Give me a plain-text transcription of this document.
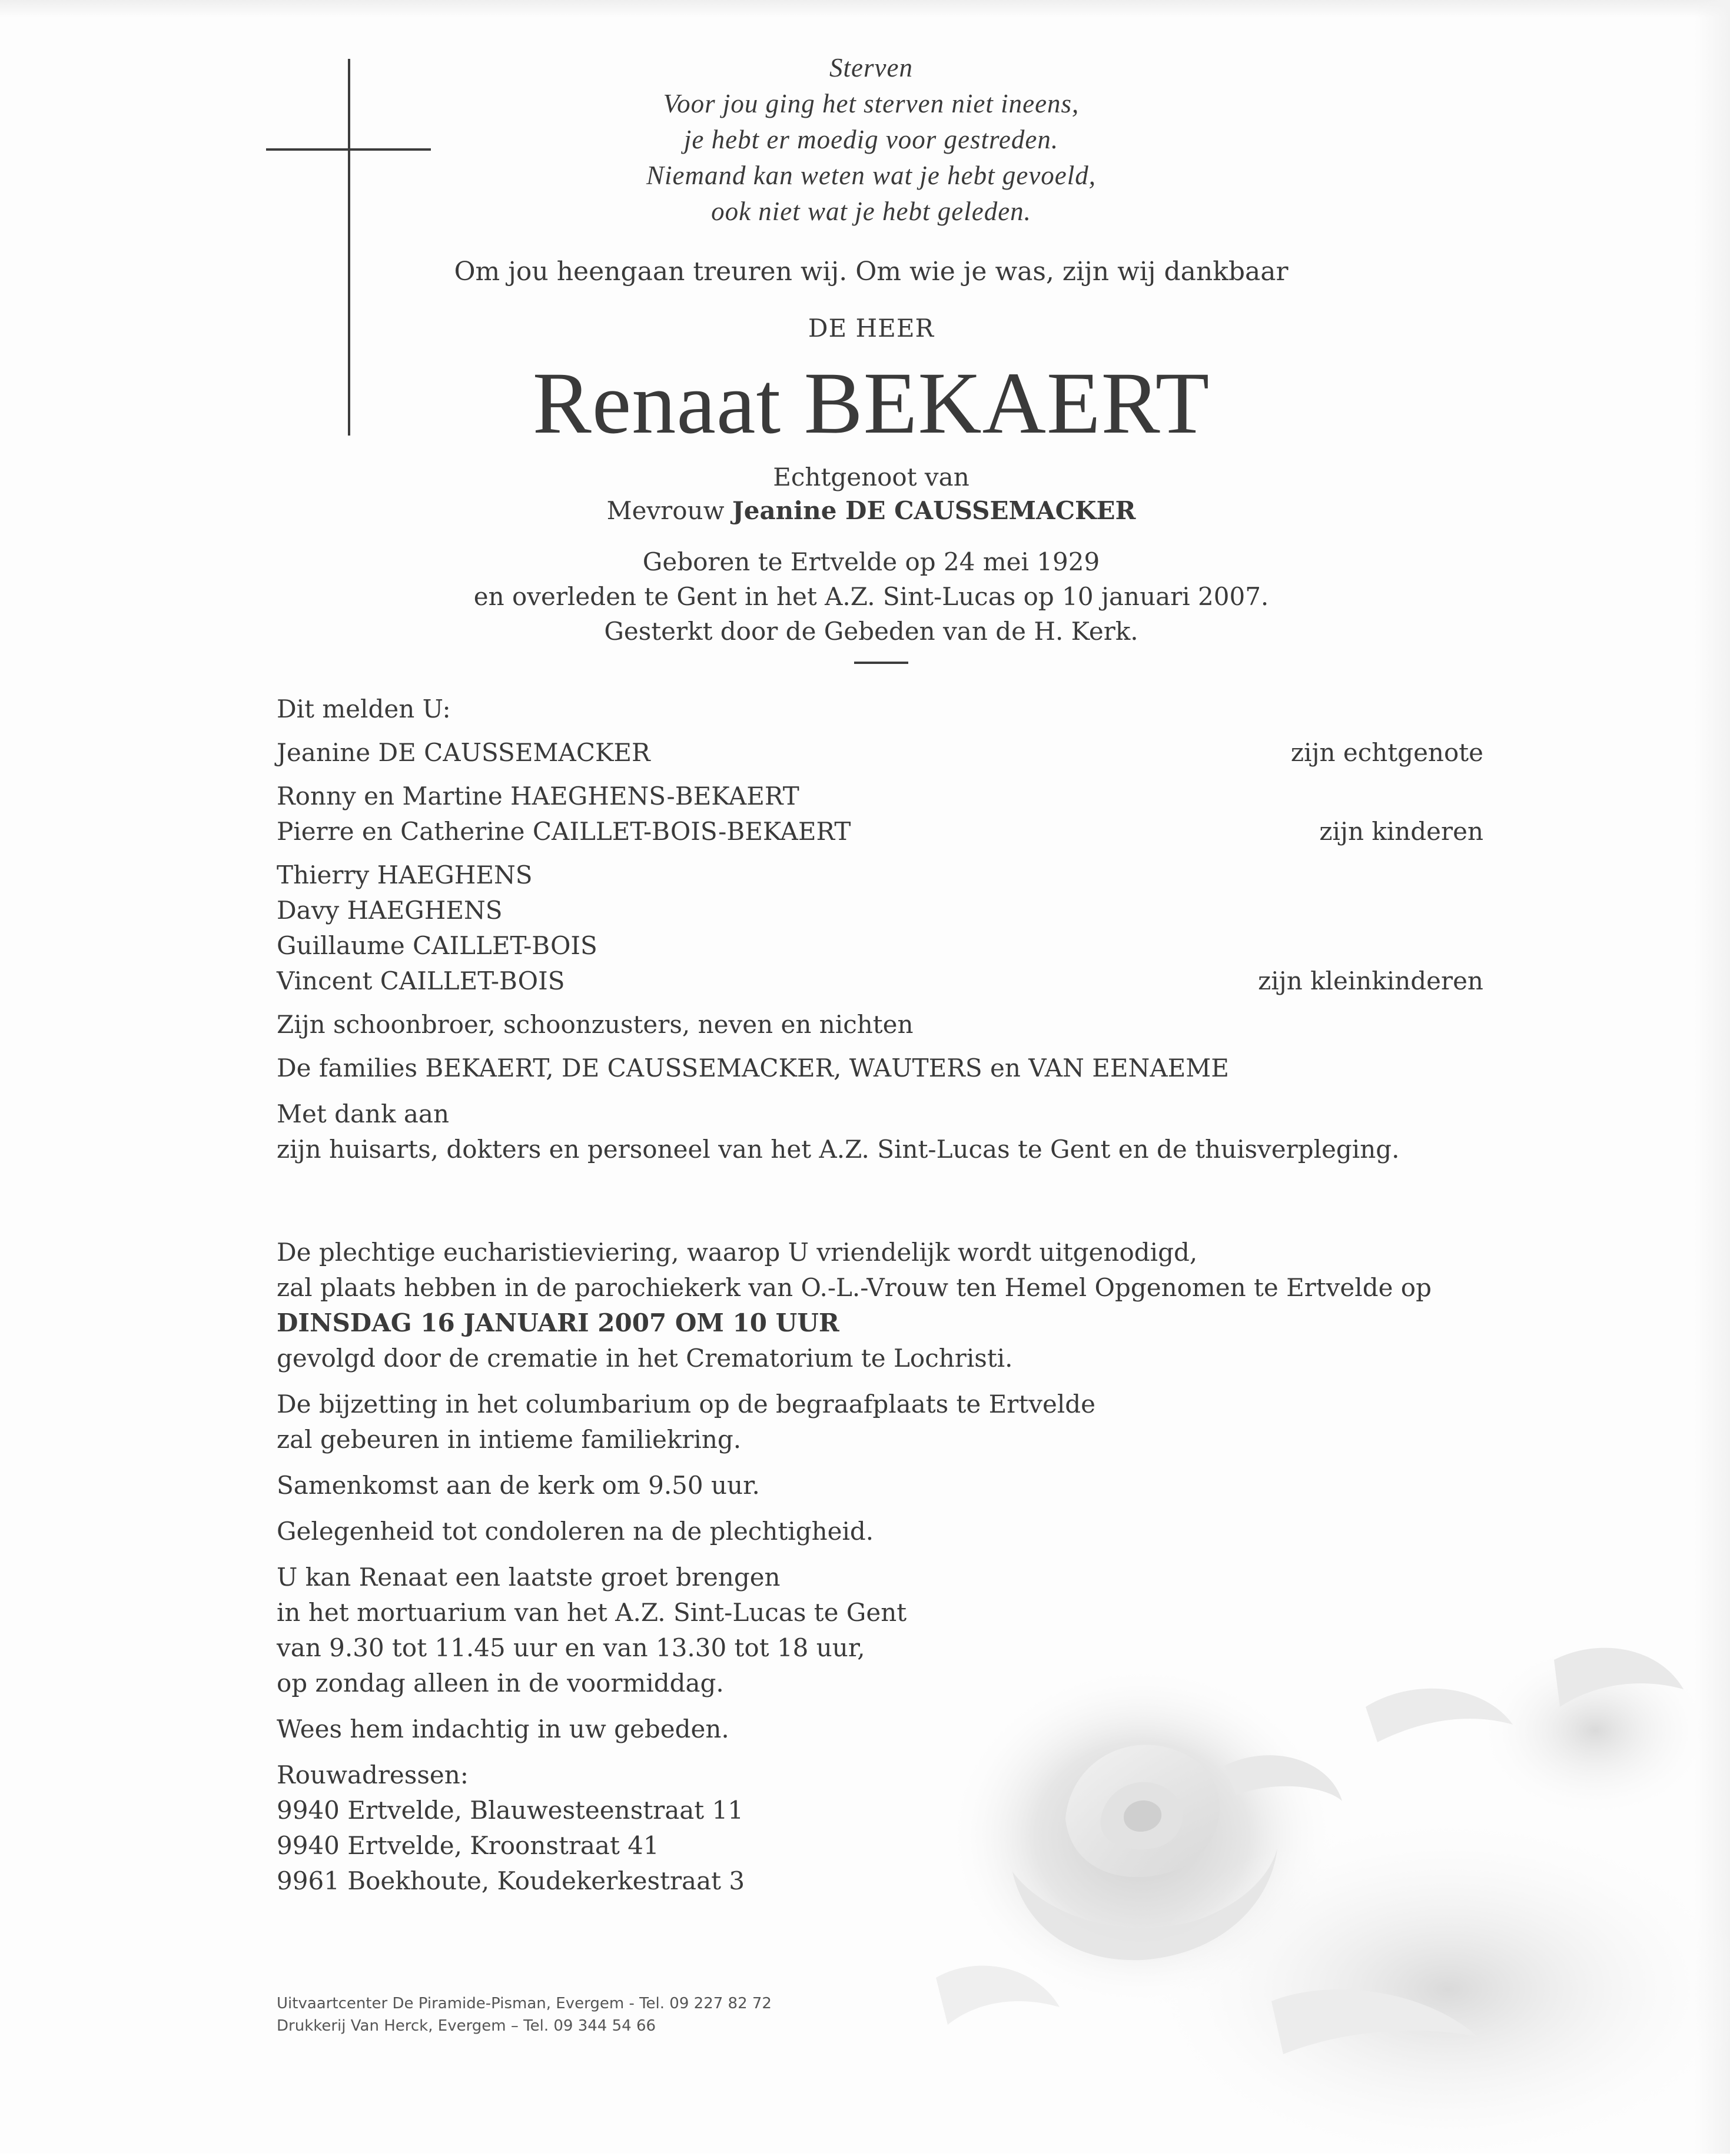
Sterven
Voor jou ging het sterven niet ineens,
je hebt er moedig voor gestreden.
Niemand kan weten wat je hebt gevoeld,
ook niet wat je hebt geleden.
Om jou heengaan treuren wij. Om wie je was, zijn wij dankbaar
DE HEER
Renaat BEKAERT
Echtgenoot van
Mevrouw Jeanine DE CAUSSEMACKER
Geboren te Ertvelde op 24 mei 1929
en overleden te Gent in het A.Z. Sint-Lucas op 10 januari 2007.
Gesterkt door de Gebeden van de H. Kerk.
Dit melden U:
Jeanine DE CAUSSEMACKER	zijn echtgenote
Ronny en Martine HAEGHENS-BEKAERT
Pierre en Catherine CAILLET-BOIS-BEKAERT	zijn kinderen
Thierry HAEGHENS
Davy HAEGHENS
Guillaume CAILLET-BOIS
Vincent CAILLET-BOIS	zijn kleinkinderen
Zijn schoonbroer, schoonzusters, neven en nichten
De families BEKAERT, DE CAUSSEMACKER, WAUTERS en VAN EENAEME
Met dank aan
zijn huisarts, dokters en personeel van het A.Z. Sint-Lucas te Gent en de thuisverpleging.
De plechtige eucharistieviering, waarop U vriendelijk wordt uitgenodigd,
zal plaats hebben in de parochiekerk van O.-L.-Vrouw ten Hemel Opgenomen te Ertvelde op
DINSDAG 16 JANUARI 2007 OM 10 UUR
gevolgd door de crematie in het Crematorium te Lochristi.
De bijzetting in het columbarium op de begraafplaats te Ertvelde
zal gebeuren in intieme familiekring.
Samenkomst aan de kerk om 9.50 uur.
Gelegenheid tot condoleren na de plechtigheid.
U kan Renaat een laatste groet brengen
in het mortuarium van het A.Z. Sint-Lucas te Gent
van 9.30 tot 11.45 uur en van 13.30 tot 18 uur,
op zondag alleen in de voormiddag.
Wees hem indachtig in uw gebeden.
Rouwadressen:
9940 Ertvelde, Blauwesteenstraat 11
9940 Ertvelde, Kroonstraat 41
9961 Boekhoute, Koudekerkestraat 3
Uitvaartcenter De Piramide-Pisman, Evergem - Tel. 09 227 82 72
Drukkerij Van Herck, Evergem – Tel. 09 344 54 66
